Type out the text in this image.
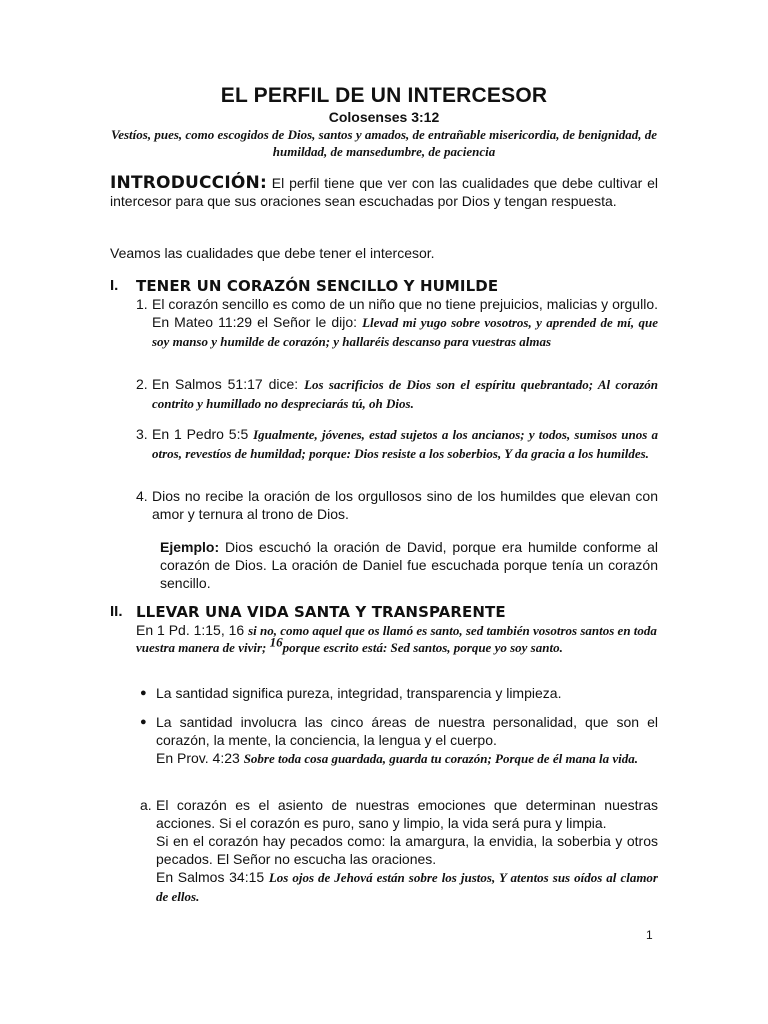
EL PERFIL DE UN INTERCESOR
Colosenses 3:12
Vestíos, pues, como escogidos de Dios, santos y amados, de entrañable misericordia, de benignidad, de humildad, de mansedumbre, de paciencia
INTRODUCCIÓN: El perfil tiene que ver con las cualidades que debe cultivar el intercesor para que sus oraciones sean escuchadas por Dios y tengan respuesta.
Veamos las cualidades que debe tener el intercesor.
I. TENER UN CORAZÓN SENCILLO Y HUMILDE
1. El corazón sencillo es como de un niño que no tiene prejuicios, malicias y orgullo. En Mateo 11:29 el Señor le dijo: Llevad mi yugo sobre vosotros, y aprended de mí, que soy manso y humilde de corazón; y hallaréis descanso para vuestras almas
2. En Salmos 51:17 dice: Los sacrificios de Dios son el espíritu quebrantado; Al corazón contrito y humillado no despreciarás tú, oh Dios.
3. En 1 Pedro 5:5 Igualmente, jóvenes, estad sujetos a los ancianos; y todos, sumisos unos a otros, revestíos de humildad; porque: Dios resiste a los soberbios, Y da gracia a los humildes.
4. Dios no recibe la oración de los orgullosos sino de los humildes que elevan con amor y ternura al trono de Dios.
Ejemplo: Dios escuchó la oración de David, porque era humilde conforme al corazón de Dios. La oración de Daniel fue escuchada porque tenía un corazón sencillo.
II. LLEVAR UNA VIDA SANTA Y TRANSPARENTE
En 1 Pd. 1:15, 16 si no, como aquel que os llamó es santo, sed también vosotros santos en toda vuestra manera de vivir; $^{16}$porque escrito está: Sed santos, porque yo soy santo.
● La santidad significa pureza, integridad, transparencia y limpieza.
● La santidad involucra las cinco áreas de nuestra personalidad, que son el corazón, la mente, la conciencia, la lengua y el cuerpo.
En Prov. 4:23 Sobre toda cosa guardada, guarda tu corazón; Porque de él mana la vida.
a. El corazón es el asiento de nuestras emociones que determinan nuestras acciones. Si el corazón es puro, sano y limpio, la vida será pura y limpia.
Si en el corazón hay pecados como: la amargura, la envidia, la soberbia y otros pecados. El Señor no escucha las oraciones.
En Salmos 34:15 Los ojos de Jehová están sobre los justos, Y atentos sus oídos al clamor de ellos.
1
